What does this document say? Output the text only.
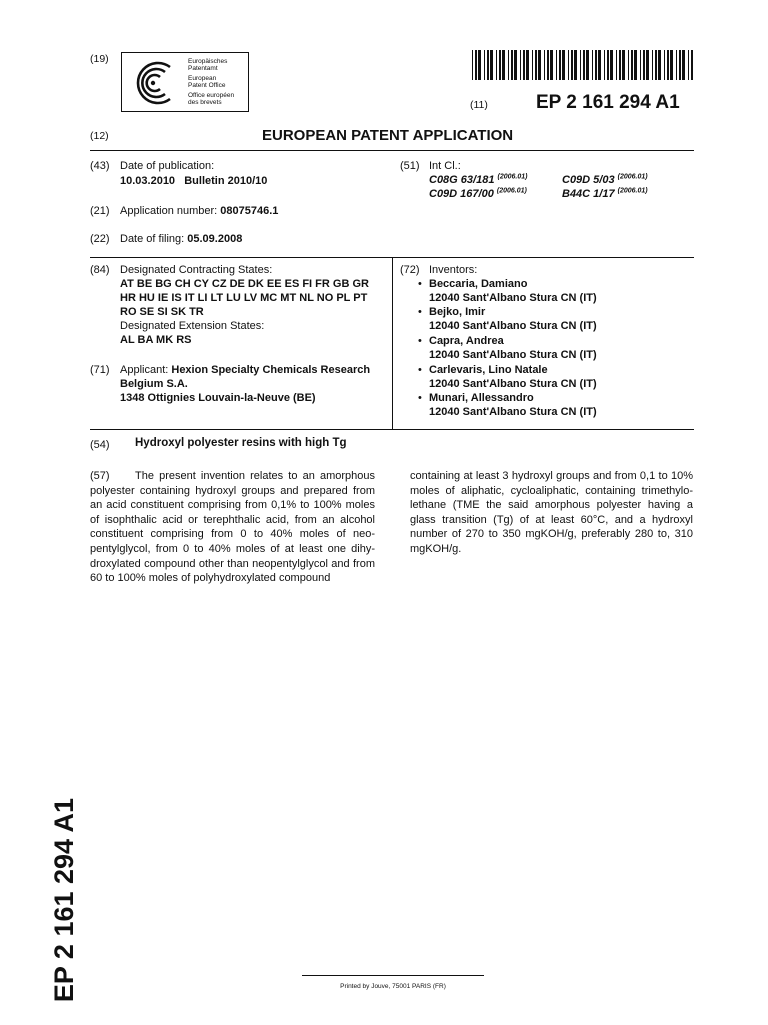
(19)	Europäisches
Patentamt
European
Patent Office
Office européen
des brevets	(11)	EP 2 161 294 A1
(12)	EUROPEAN PATENT APPLICATION
(43) Date of publication:
10.03.2010   Bulletin 2010/10
(51) Int Cl.:
C08G 63/181 $^{(2006.01)}$	C09D 5/03 $^{(2006.01)}$
C09D 167/00 $^{(2006.01)}$	B44C 1/17 $^{(2006.01)}$
(21) Application number: 08075746.1
(22) Date of filing: 05.09.2008
(84) Designated Contracting States:
AT BE BG CH CY CZ DE DK EE ES FI FR GB GR
HR HU IE IS IT LI LT LU LV MC MT NL NO PL PT
RO SE SI SK TR
Designated Extension States:
AL BA MK RS
(71) Applicant: Hexion Specialty Chemicals Research
Belgium S.A.
1348 Ottignies Louvain-la-Neuve (BE)
(72) Inventors:
• Beccaria, Damiano
12040 Sant'Albano Stura CN (IT)
• Bejko, Imir
12040 Sant'Albano Stura CN (IT)
• Capra, Andrea
12040 Sant'Albano Stura CN (IT)
• Carlevaris, Lino Natale
12040 Sant'Albano Stura CN (IT)
• Munari, Allessandro
12040 Sant'Albano Stura CN (IT)
(54) Hydroxyl polyester resins with high Tg
(57) The present invention relates to an amorphous polyester containing hydroxyl groups and prepared from an acid constituent comprising from 0,1% to 100% moles of isophthalic acid or terephthalic acid, from an alcohol constituent comprising from 0 to 40% moles of neo-pentylglycol, from 0 to 40% moles of at least one dihy-droxylated compound other than neopentylglycol and from 60 to 100% moles of polyhydroxylated compound
containing at least 3 hydroxyl groups and from 0,1 to 10% moles of aliphatic, cycloaliphatic, containing trimethylo-lethane (TME the said amorphous polyester having a glass transition (Tg) of at least 60°C, and a hydroxyl number of 270 to 350 mgKOH/g, preferably 280 to, 310 mgKOH/g.
EP 2 161 294 A1	Printed by Jouve, 75001 PARIS (FR)
